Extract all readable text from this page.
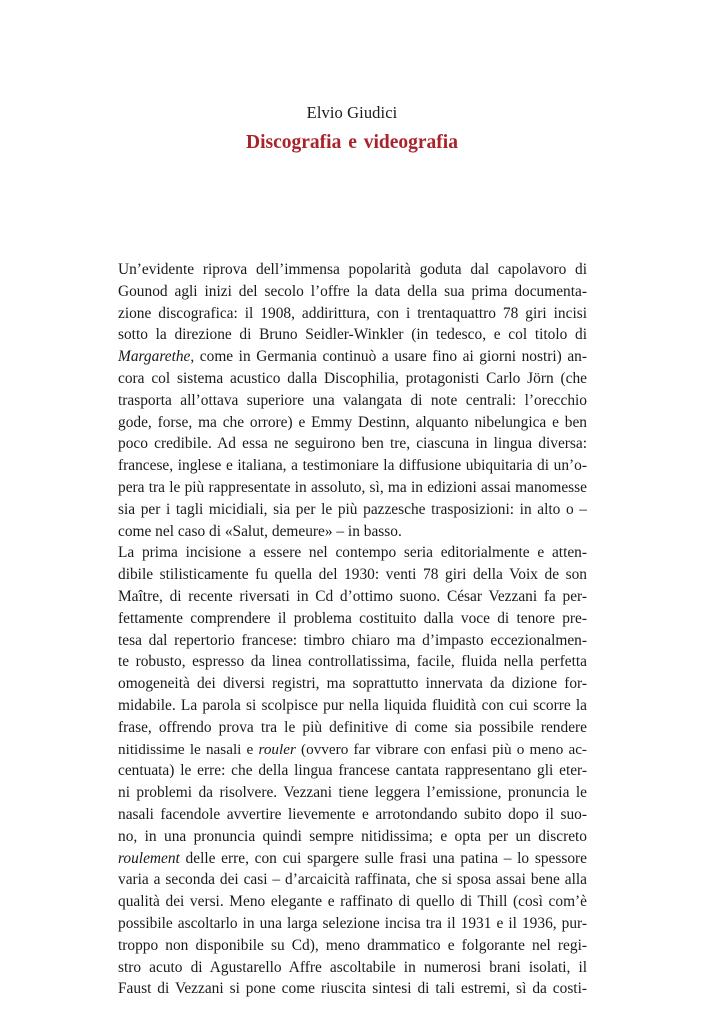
Elvio Giudici
Discografia e videografia
Un’evidente riprova dell’immensa popolarità goduta dal capolavoro di
Gounod agli inizi del secolo l’offre la data della sua prima documenta-
zione discografica: il 1908, addirittura, con i trentaquattro 78 giri incisi
sotto la direzione di Bruno Seidler-Winkler (in tedesco, e col titolo di
Margarethe, come in Germania continuò a usare fino ai giorni nostri) an-
cora col sistema acustico dalla Discophilia, protagonisti Carlo Jörn (che
trasporta all’ottava superiore una valangata di note centrali: l’orecchio
gode, forse, ma che orrore) e Emmy Destinn, alquanto nibelungica e ben
poco credibile. Ad essa ne seguirono ben tre, ciascuna in lingua diversa:
francese, inglese e italiana, a testimoniare la diffusione ubiquitaria di un’o-
pera tra le più rappresentate in assoluto, sì, ma in edizioni assai manomesse
sia per i tagli micidiali, sia per le più pazzesche trasposizioni: in alto o –
come nel caso di «Salut, demeure» – in basso.
La prima incisione a essere nel contempo seria editorialmente e atten-
dibile stilisticamente fu quella del 1930: venti 78 giri della Voix de son
Maître, di recente riversati in Cd d’ottimo suono. César Vezzani fa per-
fettamente comprendere il problema costituito dalla voce di tenore pre-
tesa dal repertorio francese: timbro chiaro ma d’impasto eccezionalmen-
te robusto, espresso da linea controllatissima, facile, fluida nella perfetta
omogeneità dei diversi registri, ma soprattutto innervata da dizione for-
midabile. La parola si scolpisce pur nella liquida fluidità con cui scorre la
frase, offrendo prova tra le più definitive di come sia possibile rendere
nitidissime le nasali e rouler (ovvero far vibrare con enfasi più o meno ac-
centuata) le erre: che della lingua francese cantata rappresentano gli eter-
ni problemi da risolvere. Vezzani tiene leggera l’emissione, pronuncia le
nasali facendole avvertire lievemente e arrotondando subito dopo il suo-
no, in una pronuncia quindi sempre nitidissima; e opta per un discreto
roulement delle erre, con cui spargere sulle frasi una patina – lo spessore
varia a seconda dei casi – d’arcaicità raffinata, che si sposa assai bene alla
qualità dei versi. Meno elegante e raffinato di quello di Thill (così com’è
possibile ascoltarlo in una larga selezione incisa tra il 1931 e il 1936, pur-
troppo non disponibile su Cd), meno drammatico e folgorante nel regi-
stro acuto di Agustarello Affre ascoltabile in numerosi brani isolati, il
Faust di Vezzani si pone come riuscita sintesi di tali estremi, sì da costi-
